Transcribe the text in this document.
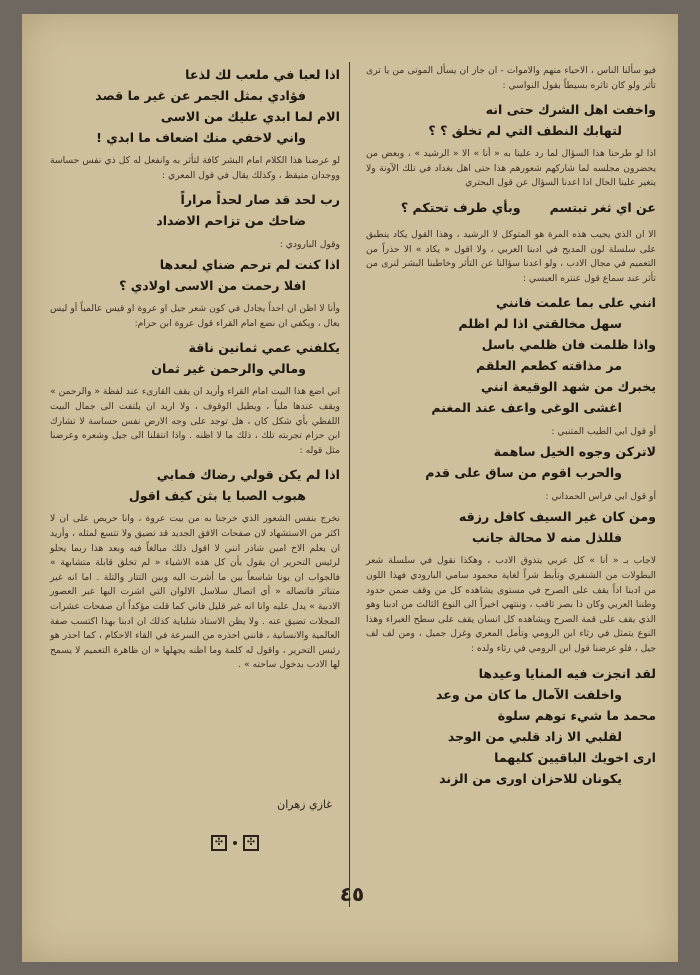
فيو سألنا الناس ، الاحياء منهم والاموات - ان جاز ان يسأل الموتى من يا ترى تأثر ولو كان تاثره بسيطاً بقول النواسي :

واخفت اهل الشرك حتى انه

لتهابك النطف التي لم تخلق ؟ ؟

اذا لو طرحنا هذا السؤال لما رد علينا به « أنا » الا « الرشيد » ، وبعض من يحضرون مجلسه لما شاركهم شعورهم هذا حتى اهل بغداد في تلك الآونة ولا يتغير علينا الحال اذا اعدنا السؤال عن قول البحتري

عن اي ثغر تبتسم

وبأي طرف تحتكم ؟

الا ان الذي يجيب هذه المرة هو المتوكل لا الرشيد ، وهذا القول يكاد ينطبق على سلسلة لون المديح في ادبنا العربي ، ولا اقول « يكاد » الا حذراً من التعميم في مجال الادب ، ولو اعدنا سؤالنا عن التأثر وخاطبنا البشر لنرى من تأثر عند سماع قول عنتره العبسي :

انني على بما علمت فانني

سهل مخالقتي اذا لم اظلم

واذا ظلمت فان ظلمي باسل

مر مذاقته كطعم العلقم

يخبرك من شهد الوقيعة انني

اغشى الوغى واعف عند المغنم

أو قول ابي الطيب المتنبي :

لاتركن وجوه الخيل ساهمة

والحرب اقوم من ساق على قدم

أو قول ابي فراس الحمداني :

ومن كان غير السيف كافل رزقه

فللذل منه لا محالة جانب

لاجاب بـ « أنا » كل عربي يتذوق الادب ، وهكذا نقول في سلسلة شعر البطولات من الشنفري وتأبط شراً لغاية محمود سامي البارودي فهذا اللون من ادبنا اذاً يقف على الصرح في مستوى يشاهده كل من وقف ضمن حدود وطننا العربي وكان ذا بصر ثاقب ، وننتهي اخيراً الى النوع الثالث من ادبنا وهو الذي يقف على قمة الصرح ويشاهده كل انسان يقف على سطح الغبراء وهذا النوع يتمثل في رثاء ابن الرومي وتأمل المعري وغزل جميل ، ومن لف لف جيل ، فلو عرضنا قول ابن الرومي في رثاء ولده :

لقد انجزت فيه المنايا وعيدها

واخلفت الآمال ما كان من وعد

محمد ما شيء توهم سلوة

لقلبي الا زاد قلبي من الوجد

ارى اخويك الباقيين كليهما

يكونان للاحزان اورى من الزند

اذا لعبا في ملعب لك لذعا

فؤادي بمثل الجمر عن غير ما قصد

الام لما ابدي عليك من الاسى

واني لاخفي منك اضعاف ما ابدي !

لو عرضنا هذا الكلام امام البشر كافة لتأثر به وانفعل له كل ذي نفس حساسة ووجدان متيقظ ، وكذلك يقال في قول المعري :

رب لحد قد صار لحداً مراراً

ضاحك من تزاحم الاضداد

وقول البارودي :

اذا كنت لم ترحم ضناي لبعدها

افلا رحمت من الاسى اولادي ؟

وأنا لا اظن ان احداً يجادل في كون شعر جيل او عروة او قيس عالمياً أو ليس بعال ، ويكفي ان نضع امام القراء قول عروة ابن حزام:

يكلفني عمي ثمانين ناقة

ومالي والرحمن غير ثمان

اني اضع هذا البيت امام القراء وأريد ان يقف القارىء عند لفظة « والرحمن » ويقف عندها ملياً ، ويطيل الوقوف ، ولا اريد ان يلتفت الى جمال البيت اللفظي بأي شكل كان ، هل توجد على وجه الارض نفس حساسة لا تشارك ابن حزام تجربته تلك ، ذلك ما لا اظنه . واذا انتقلنا الى جيل وشعره وعرضنا مثل قوله :

اذا لم يكن قولي رضاك فمابي

هبوب الصبا يا بثن كيف اقول

نخرج بنفس الشعور الذي خرجنا به من بيت عروة ، وانا حريص على ان لا اكثر من الاستشهاد لان صفحات الافق الجديد قد تضيق ولا تتسع لمثله ، وأريد ان يعلم الاخ امين شاذر انني لا اقول ذلك مبالغاً فيه وبعد هذا ربما يحلو لرئيس التحرير ان يقول بأن كل هذه الاشياء « لم تخلق قابلة متشابهة » فالجواب ان يونا شاسعاً بين ما أشرت اليه وبين التتار والتلة . اما انه غير متناثر فاتصاله « أي اتصال سلاسل الالوان التي اشرت اليها عبر العصور الادبية » يدل عليه وانا انه غير قليل فاني كما قلت مؤكداً ان صفحات عشرات المجلات تضيق عنه . ولا يظن الاستاذ شلباية كذلك ان ادبنا بهذا اكتسب صفة العالمية والانسانية ، فانني احذره من السرعة في القاء الاحكام ، كما احذر هو رئيس التحرير ، واقول له كلمة وما اظنه يجهلها « ان ظاهرة التعميم لا يسمح لها الادب بدخول ساحته » .

غازي زهران
✣	✣
٤٥
